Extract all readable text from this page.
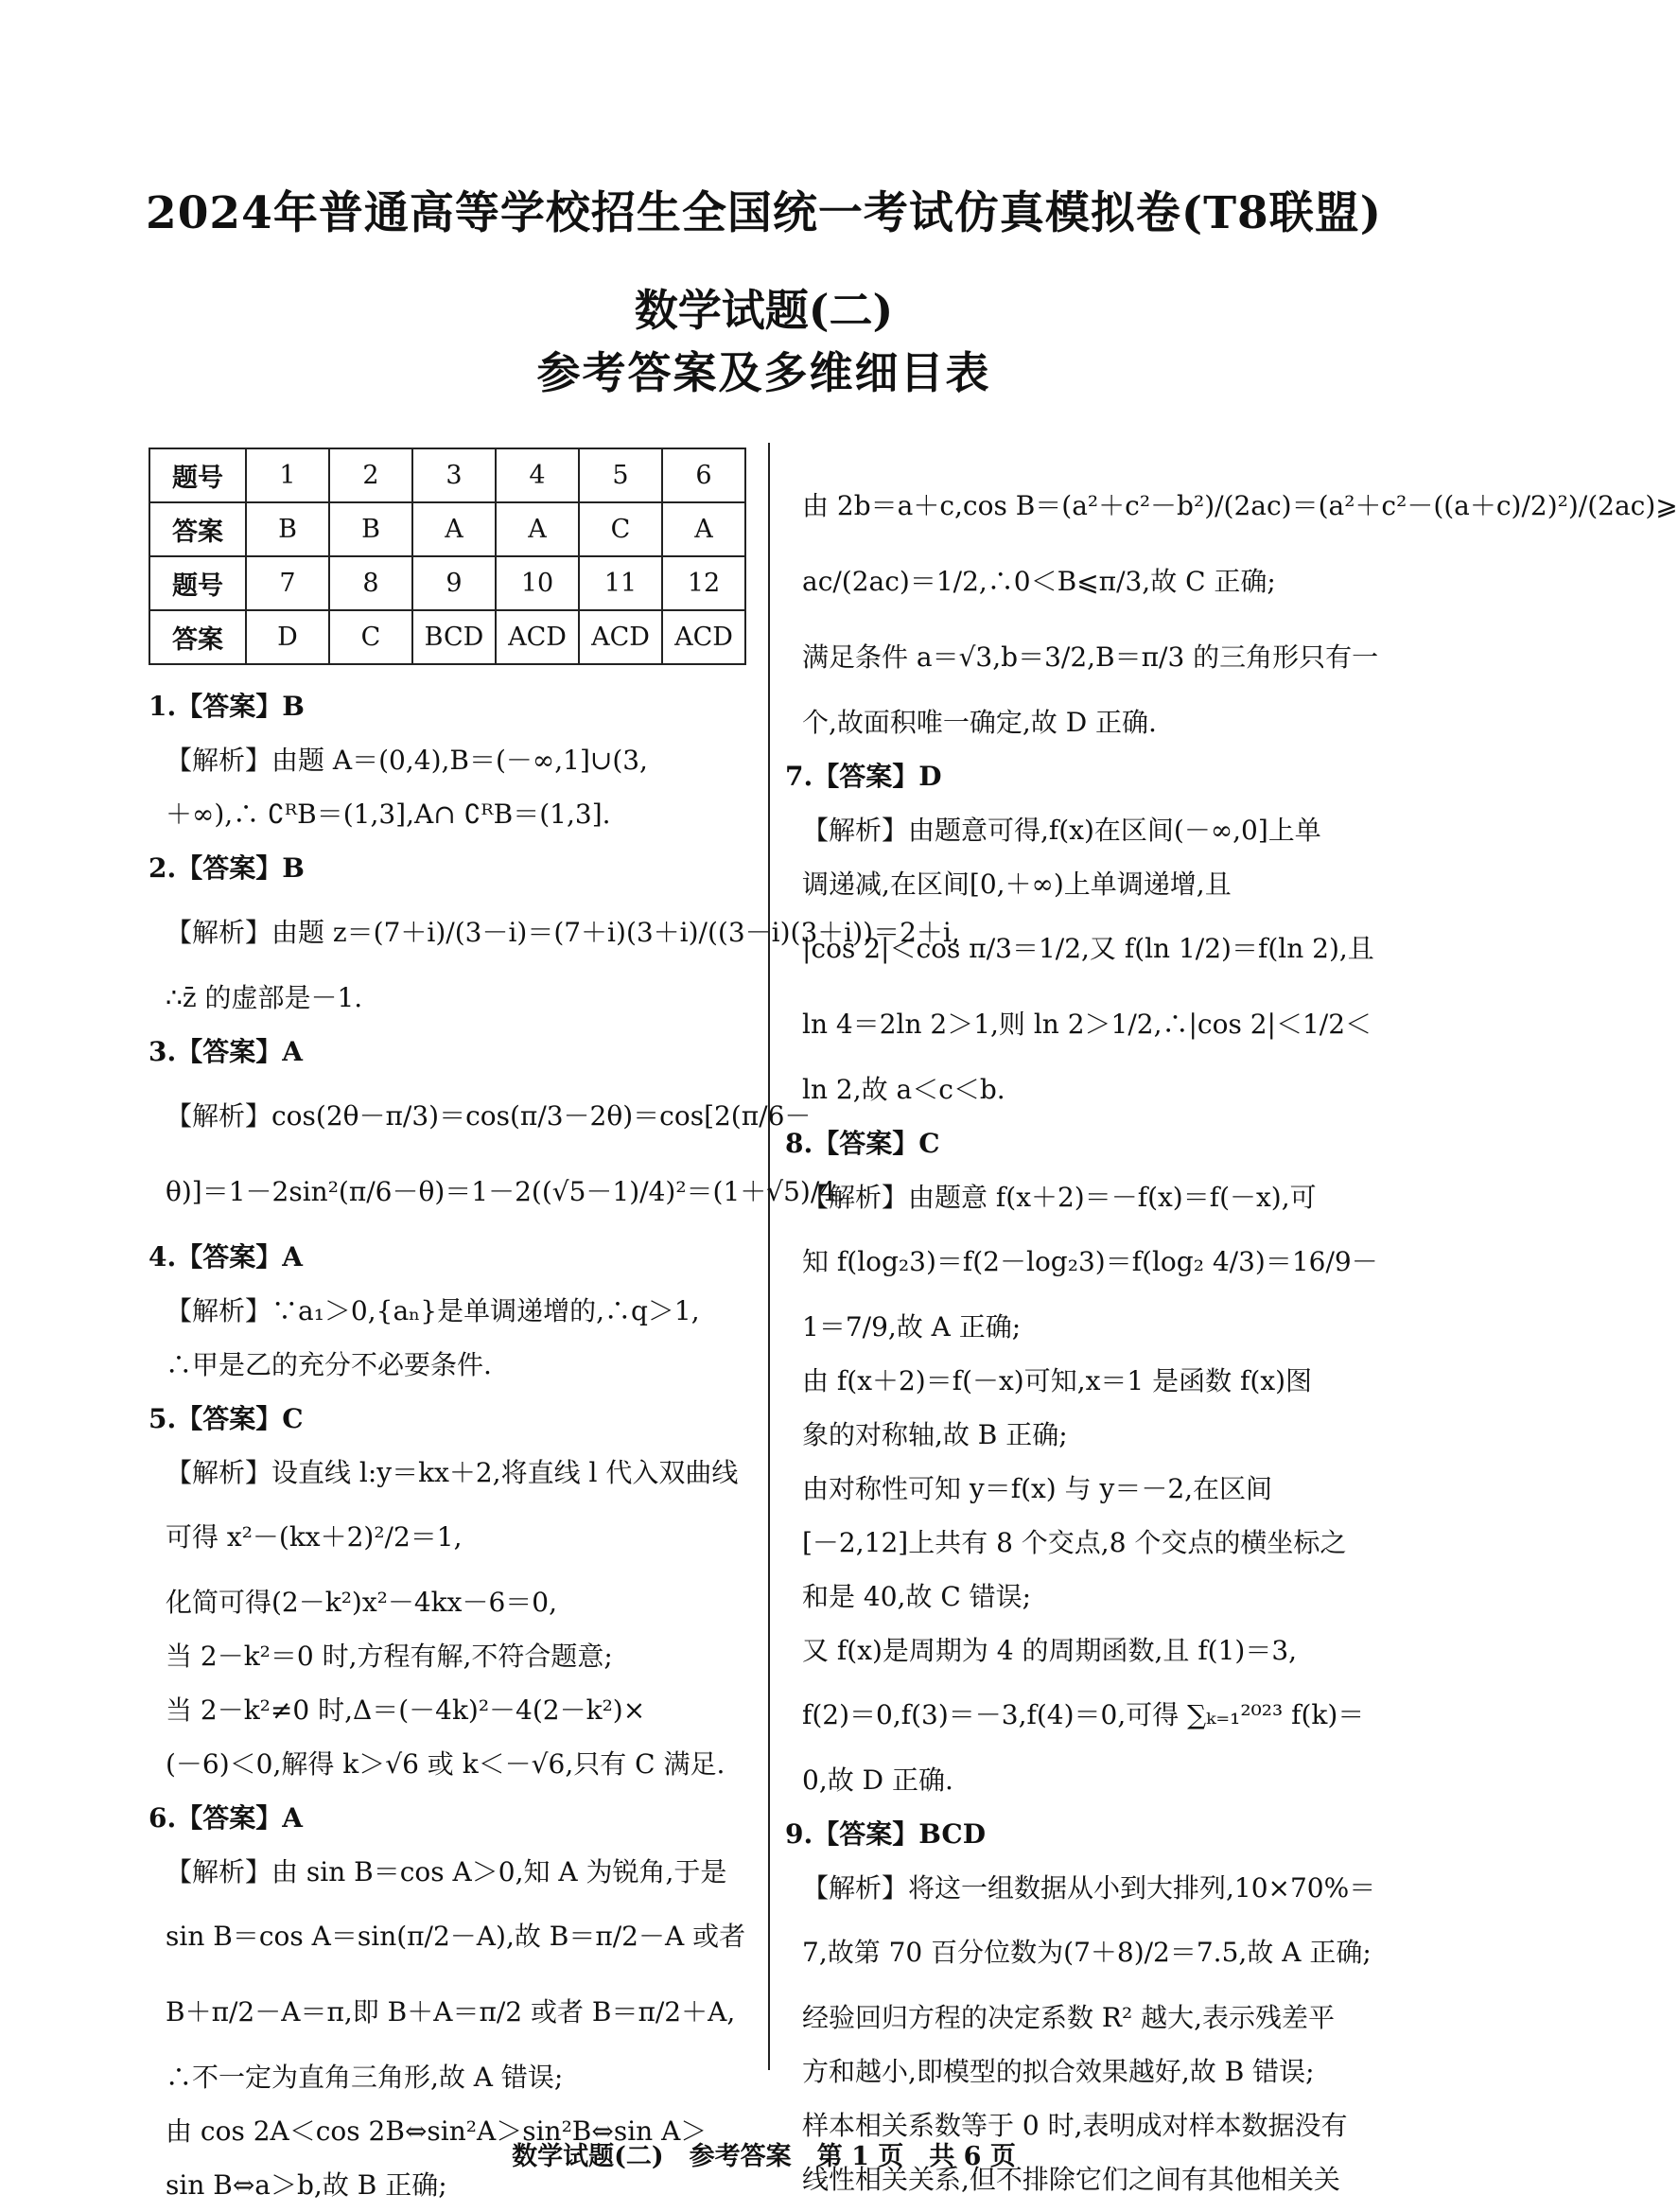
2024年普通高等学校招生全国统一考试仿真模拟卷(T8联盟)
数学试题(二)
参考答案及多维细目表
题号	1	2	3	4	5	6
答案	B	B	A	A	C	A
题号	7	8	9	10	11	12
答案	D	C	BCD	ACD	ACD	ACD
1.【答案】B
【解析】由题 A＝(0,4),B＝(－∞,1]∪(3,
＋∞),∴ ∁ᴿB＝(1,3],A∩ ∁ᴿB＝(1,3].
2.【答案】B
【解析】由题 z＝(7＋i)/(3－i)＝(7＋i)(3＋i)/((3－i)(3＋i))＝2＋i,
∴z̄ 的虚部是－1.
3.【答案】A
【解析】cos(2θ－π/3)＝cos(π/3－2θ)＝cos[2(π/6－
θ)]＝1－2sin²(π/6－θ)＝1－2((√5－1)/4)²＝(1＋√5)/4.
4.【答案】A
【解析】∵a₁＞0,{aₙ}是单调递增的,∴q＞1,
∴甲是乙的充分不必要条件.
5.【答案】C
【解析】设直线 l:y＝kx＋2,将直线 l 代入双曲线
可得 x²－(kx＋2)²/2＝1,
化简可得(2－k²)x²－4kx－6＝0,
当 2－k²＝0 时,方程有解,不符合题意;
当 2－k²≠0 时,Δ＝(－4k)²－4(2－k²)×
(－6)＜0,解得 k＞√6 或 k＜－√6,只有 C 满足.
6.【答案】A
【解析】由 sin B＝cos A＞0,知 A 为锐角,于是
sin B＝cos A＝sin(π/2－A),故 B＝π/2－A 或者
B＋π/2－A＝π,即 B＋A＝π/2 或者 B＝π/2＋A,
∴不一定为直角三角形,故 A 错误;
由 cos 2A＜cos 2B⇔sin²A＞sin²B⇔sin A＞
sin B⇔a＞b,故 B 正确;
由 2b＝a＋c,cos B＝(a²＋c²－b²)/(2ac)＝(a²＋c²－((a＋c)/2)²)/(2ac)⩾
ac/(2ac)＝1/2,∴0＜B⩽π/3,故 C 正确;
满足条件 a＝√3,b＝3/2,B＝π/3 的三角形只有一
个,故面积唯一确定,故 D 正确.
7.【答案】D
【解析】由题意可得,f(x)在区间(－∞,0]上单
调递减,在区间[0,＋∞)上单调递增,且
|cos 2|＜cos π/3＝1/2,又 f(ln 1/2)＝f(ln 2),且
ln 4＝2ln 2＞1,则 ln 2＞1/2,∴|cos 2|＜1/2＜
ln 2,故 a＜c＜b.
8.【答案】C
【解析】由题意 f(x＋2)＝－f(x)＝f(－x),可
知 f(log₂3)＝f(2－log₂3)＝f(log₂ 4/3)＝16/9－
1＝7/9,故 A 正确;
由 f(x＋2)＝f(－x)可知,x＝1 是函数 f(x)图
象的对称轴,故 B 正确;
由对称性可知 y＝f(x) 与 y＝－2,在区间
[－2,12]上共有 8 个交点,8 个交点的横坐标之
和是 40,故 C 错误;
又 f(x)是周期为 4 的周期函数,且 f(1)＝3,
f(2)＝0,f(3)＝－3,f(4)＝0,可得 ∑ₖ₌₁²⁰²³ f(k)＝
0,故 D 正确.
9.【答案】BCD
【解析】将这一组数据从小到大排列,10×70%＝
7,故第 70 百分位数为(7＋8)/2＝7.5,故 A 正确;
经验回归方程的决定系数 R² 越大,表示残差平
方和越小,即模型的拟合效果越好,故 B 错误;
样本相关系数等于 0 时,表明成对样本数据没有
线性相关关系,但不排除它们之间有其他相关关
数学试题(二)　参考答案　第 1 页　共 6 页
